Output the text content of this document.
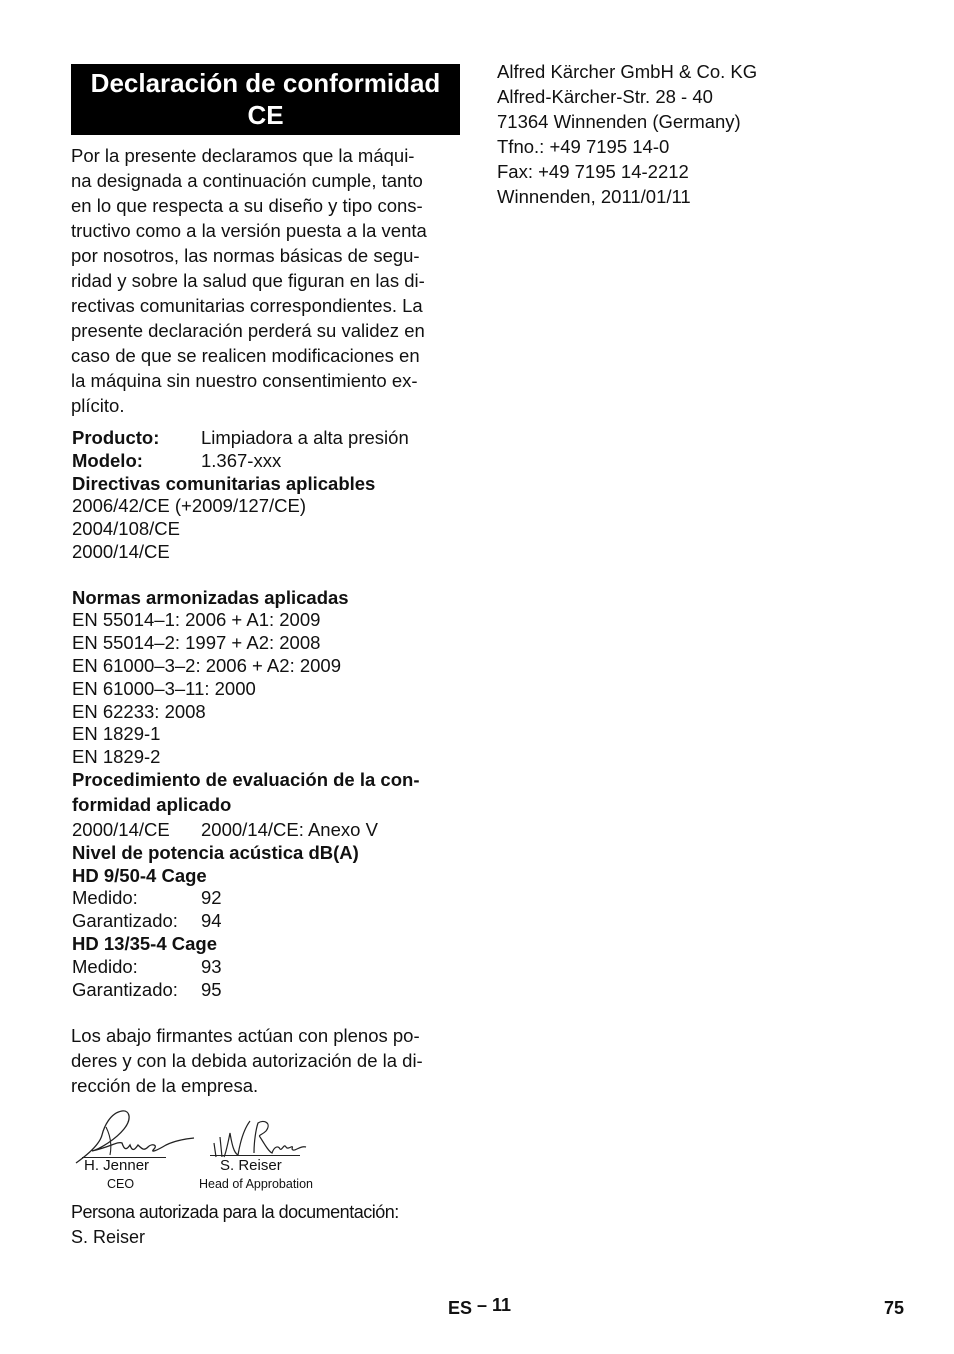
Declaración de conformidad
CE
Por la presente declaramos que la máqui-
na designada a continuación cumple, tanto
en lo que respecta a su diseño y tipo cons-
tructivo como a la versión puesta a la venta
por nosotros, las normas básicas de segu-
ridad y sobre la salud que figuran en las di-
rectivas comunitarias correspondientes. La
presente declaración perderá su validez en
caso de que se realicen modificaciones en
la máquina sin nuestro consentimiento ex-
plícito.
Producto: Limpiadora a alta presión
Modelo:	1.367-xxx
Directivas comunitarias aplicables
2006/42/CE (+2009/127/CE)
2004/108/CE
2000/14/CE
Normas armonizadas aplicadas
EN 55014–1: 2006 + A1: 2009
EN 55014–2: 1997 + A2: 2008
EN 61000–3–2: 2006 + A2: 2009
EN 61000–3–11: 2000
EN 62233: 2008
EN 1829-1
EN 1829-2
Procedimiento de evaluación de la con-
formidad aplicado
2000/14/CE 2000/14/CE: Anexo V
Nivel de potencia acústica dB(A)
HD 9/50-4 Cage
Medido:	92
Garantizado: 94
HD 13/35-4 Cage
Medido:	93
Garantizado: 95
Los abajo firmantes actúan con plenos po-
deres y con la debida autorización de la di-
rección de la empresa.
H. Jenner
CEO
S. Reiser
Head of Approbation
Persona autorizada para la documentación:
S. Reiser
Alfred Kärcher GmbH & Co. KG
Alfred-Kärcher-Str. 28 - 40
71364 Winnenden (Germany)
Tfno.: +49 7195 14-0
Fax: +49 7195 14-2212
Winnenden, 2011/01/11
ES – 11	75
